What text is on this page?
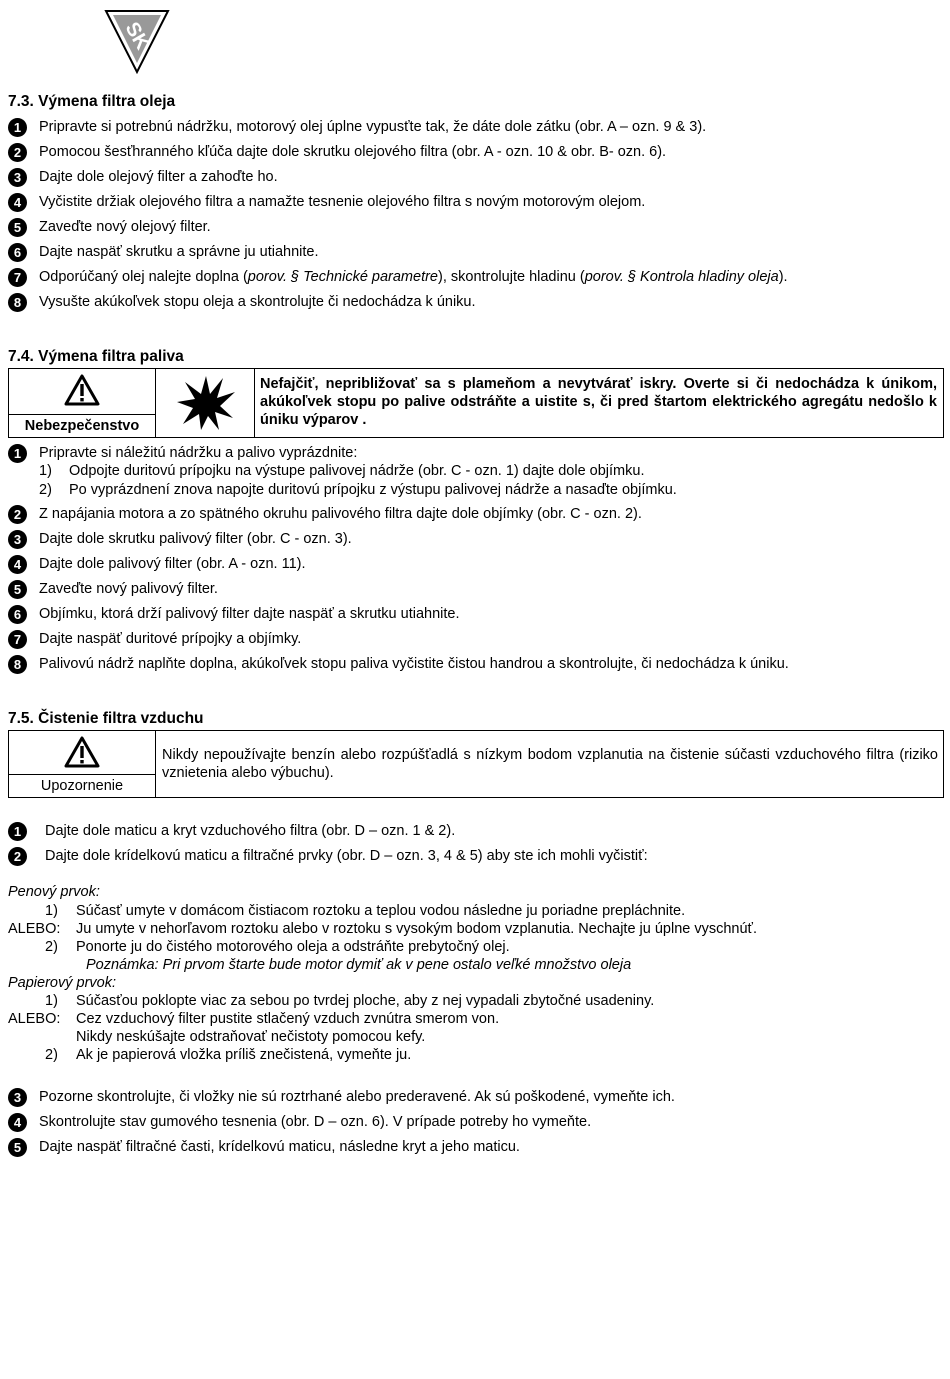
SK
7.3. Výmena filtra oleja
1	Pripravte si potrebnú nádržku, motorový olej úplne vypusťte tak, že dáte dole zátku (obr. A – ozn. 9 & 3).
2	Pomocou šesťhranného kľúča dajte dole skrutku olejového filtra (obr. A - ozn. 10 & obr. B- ozn. 6).
3	Dajte dole olejový filter a zahoďte ho.
4	Vyčistite držiak olejového filtra a namažte tesnenie olejového filtra s novým motorovým olejom.
5	Zaveďte nový olejový filter.
6	Dajte naspäť skrutku a správne ju utiahnite.
7	Odporúčaný olej nalejte doplna (porov. § Technické parametre), skontrolujte hladinu (porov. § Kontrola hladiny oleja).
8	Vysušte akúkoľvek stopu oleja a skontrolujte či nedochádza k úniku.
7.4. Výmena filtra paliva
Nebezpečenstvo
Nefajčiť, nepribližovať sa s plameňom a nevytvárať iskry. Overte si či nedochádza k únikom, akúkoľvek stopu po palive odstráňte a uistite s, či pred štartom elektrického agregátu nedošlo k úniku výparov .
1	Pripravte si náležitú nádržku a palivo vyprázdnite:
1) Odpojte duritovú prípojku na výstupe palivovej nádrže (obr. C - ozn. 1) dajte dole objímku.
2) Po vyprázdnení znova napojte duritovú prípojku z výstupu palivovej nádrže a nasaďte objímku.
2	Z napájania motora a zo spätného okruhu palivového filtra dajte dole objímky (obr. C - ozn. 2).
3	Dajte dole skrutku palivový filter (obr. C - ozn. 3).
4	Dajte dole palivový filter (obr. A - ozn. 11).
5	Zaveďte nový palivový filter.
6	Objímku, ktorá drží palivový filter dajte naspäť a skrutku utiahnite.
7	Dajte naspäť duritové prípojky a objímky.
8	Palivovú nádrž naplňte doplna, akúkoľvek stopu paliva vyčistite čistou handrou a skontrolujte, či nedochádza k úniku.
7.5. Čistenie filtra vzduchu
Upozornenie
Nikdy nepoužívajte benzín alebo rozpúšťadlá s nízkym bodom vzplanutia na čistenie súčasti vzduchového filtra (riziko vznietenia alebo výbuchu).
1	Dajte dole maticu a kryt vzduchového filtra (obr. D – ozn. 1 & 2).
2	Dajte dole krídelkovú maticu a filtračné prvky (obr. D – ozn. 3, 4 & 5) aby ste ich mohli vyčistiť:
Penový prvok:
1) Súčasť umyte v domácom čistiacom roztoku a teplou vodou následne ju poriadne prepláchnite.
ALEBO: Ju umyte v nehorľavom roztoku alebo v roztoku s vysokým bodom vzplanutia. Nechajte ju úplne vyschnúť.
2) Ponorte ju do čistého motorového oleja a odstráňte prebytočný olej.
Poznámka: Pri prvom štarte bude motor dymiť ak v pene ostalo veľké množstvo oleja
Papierový prvok:
1) Súčasťou poklopte viac za sebou po tvrdej ploche, aby z nej vypadali zbytočné usadeniny.
ALEBO: Cez vzduchový filter pustite stlačený vzduch zvnútra smerom von.
Nikdy neskúšajte odstraňovať nečistoty pomocou kefy.
2) Ak je papierová vložka príliš znečistená, vymeňte ju.
3	Pozorne skontrolujte, či vložky nie sú roztrhané alebo prederavené. Ak sú poškodené, vymeňte ich.
4	Skontrolujte stav gumového tesnenia (obr. D – ozn. 6). V prípade potreby ho vymeňte.
5	Dajte naspäť filtračné časti, krídelkovú maticu, následne kryt a jeho maticu.
